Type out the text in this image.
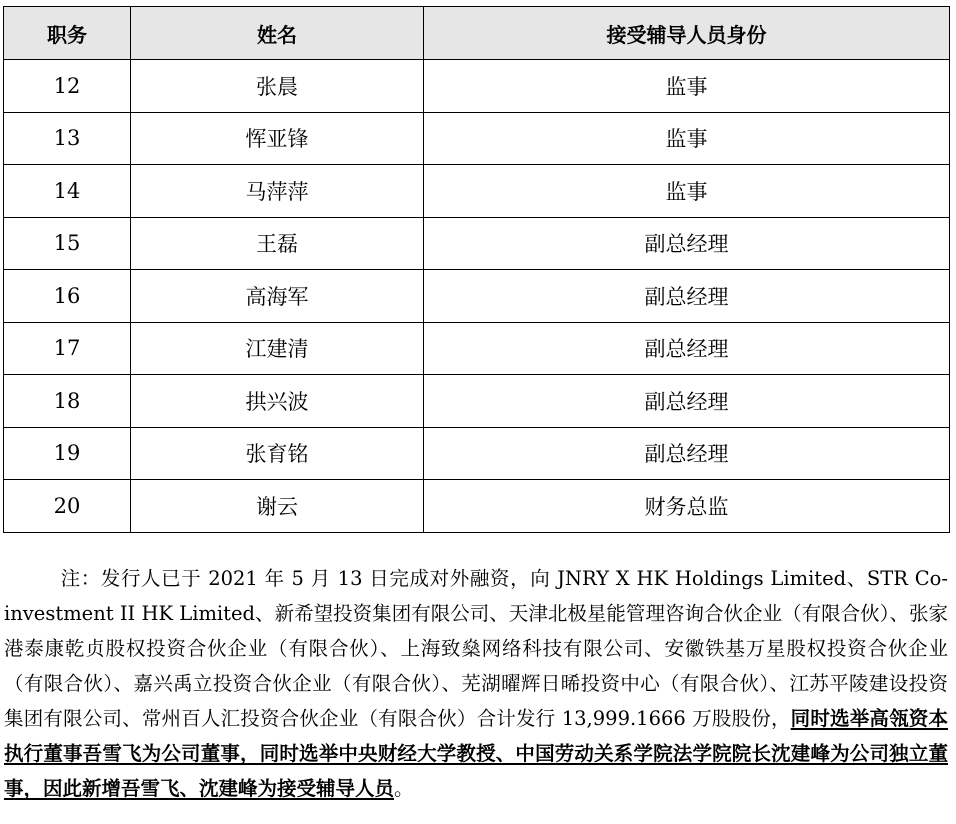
职务	姓名	接受辅导人员身份
12	张晨	监事
13	恽亚锋	监事
14	马萍萍	监事
15	王磊	副总经理
16	高海军	副总经理
17	江建清	副总经理
18	拱兴波	副总经理
19	张育铭	副总经理
20	谢云	财务总监

注：发行人已于 2021 年 5 月 13 日完成对外融资，向 JNRY X HK Holdings Limited、STR Co-investment II HK Limited、新希望投资集团有限公司、天津北极星能管理咨询合伙企业（有限合伙）、张家港泰康乾贞股权投资合伙企业（有限合伙）、上海致燊网络科技有限公司、安徽铁基万星股权投资合伙企业（有限合伙）、嘉兴禹立投资合伙企业（有限合伙）、芜湖曜辉日晞投资中心（有限合伙）、江苏平陵建设投资集团有限公司、常州百人汇投资合伙企业（有限合伙）合计发行 13,999.1666 万股股份，同时选举高瓴资本执行董事吾雪飞为公司董事，同时选举中央财经大学教授、中国劳动关系学院法学院院长沈建峰为公司独立董事，因此新增吾雪飞、沈建峰为接受辅导人员。
